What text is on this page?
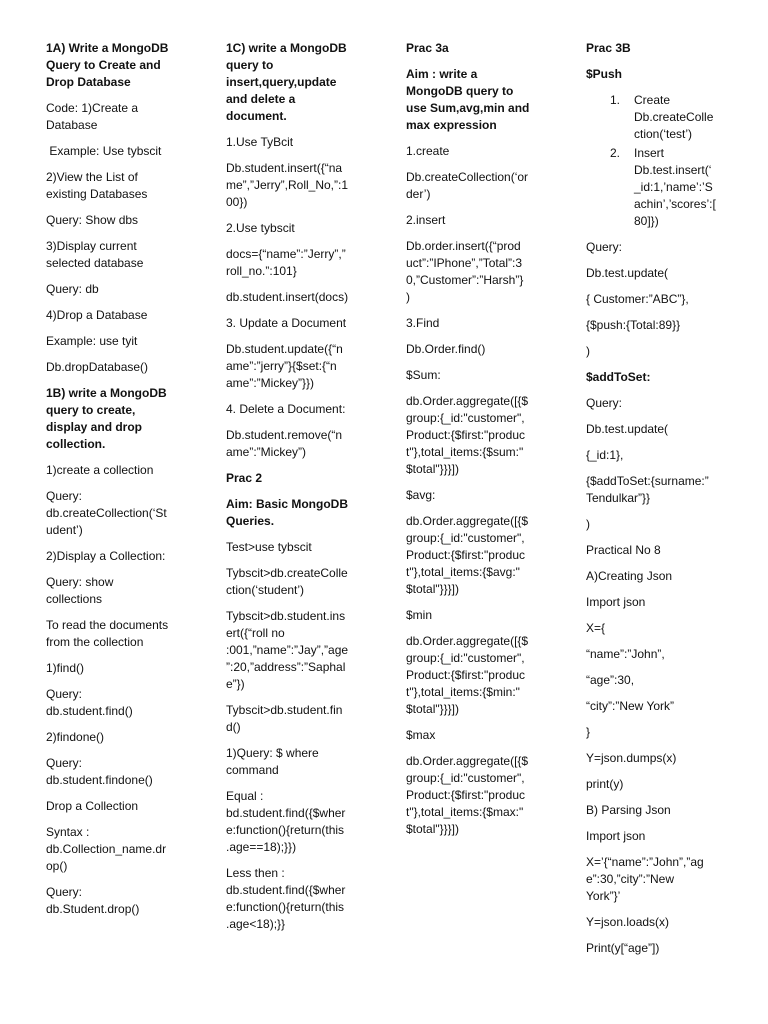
1A) Write a MongoDB
Query to Create and
Drop Database
Code: 1)Create a
Database
Example: Use tybscit
2)View the List of
existing Databases
Query: Show dbs
3)Display current
selected database
Query: db
4)Drop a Database
Example: use tyit
Db.dropDatabase()
1B) write a MongoDB
query to create,
display and drop
collection.
1)create a collection
Query:
db.createCollection(‘St
udent’)
2)Display a Collection:
Query: show
collections
To read the documents
from the collection
1)find()
Query:
db.student.find()
2)findone()
Query:
db.student.findone()
Drop a Collection
Syntax :
db.Collection_name.dr
op()
Query:
db.Student.drop()
1C) write a MongoDB
query to
insert,query,update
and delete a
document.
1.Use TyBcit
Db.student.insert({“na
me”,”Jerry”,Roll_No,”:1
00})
2.Use tybscit
docs={“name”:”Jerry”,”
roll_no.”:101}
db.student.insert(docs)
3. Update a Document
Db.student.update({“n
ame”:”jerry”}{$set:{“n
ame”:”Mickey”}})
4. Delete a Document:
Db.student.remove(“n
ame”:”Mickey”)
Prac 2
Aim: Basic MongoDB
Queries.
Test>use tybscit
Tybscit>db.createColle
ction(‘student’)
Tybscit>db.student.ins
ert({“roll no
:001,”name”:”Jay”,”age
”:20,”address”:”Saphal
e”})
Tybscit>db.student.fin
d()
1)Query: $ where
command
Equal :
bd.student.find({$wher
e:function(){return(this
.age==18);}})
Less then :
db.student.find({$wher
e:function(){return(this
.age<18);}}
Prac 3a
Aim : write a
MongoDB query to
use Sum,avg,min and
max expression
1.create
Db.createCollection(‘or
der’)
2.insert
Db.order.insert({“prod
uct”:”IPhone”,”Total”:3
0,”Customer”:”Harsh”}
)
3.Find
Db.Order.find()
$Sum:
db.Order.aggregate([{$
group:{_id:"customer",
Product:{$first:"produc
t"},total_items:{$sum:"
$total"}}}])
$avg:
db.Order.aggregate([{$
group:{_id:"customer",
Product:{$first:"produc
t"},total_items:{$avg:"
$total"}}}])
$min
db.Order.aggregate([{$
group:{_id:"customer",
Product:{$first:"produc
t"},total_items:{$min:"
$total"}}}])
$max
db.Order.aggregate([{$
group:{_id:"customer",
Product:{$first:"produc
t"},total_items:{$max:"
$total"}}}])
Prac 3B
$Push
1. Create
Db.createColle
ction(‘test’)
2. Insert
Db.test.insert(‘
_id:1,’name’:’S
achin’,’scores’:[
80]})
Query:
Db.test.update(
{ Customer:”ABC”},
{$push:{Total:89}}
)
$addToSet:
Query:
Db.test.update(
{_id:1},
{$addToSet:{surname:”
Tendulkar”}}
)
Practical No 8
A)Creating Json
Import json
X={
“name”:”John”,
“age”:30,
“city”:”New York”
}
Y=json.dumps(x)
print(y)
B) Parsing Json
Import json
X=’{“name”:”John”,”ag
e”:30,”city”:”New
York”}’
Y=json.loads(x)
Print(y[“age”])
